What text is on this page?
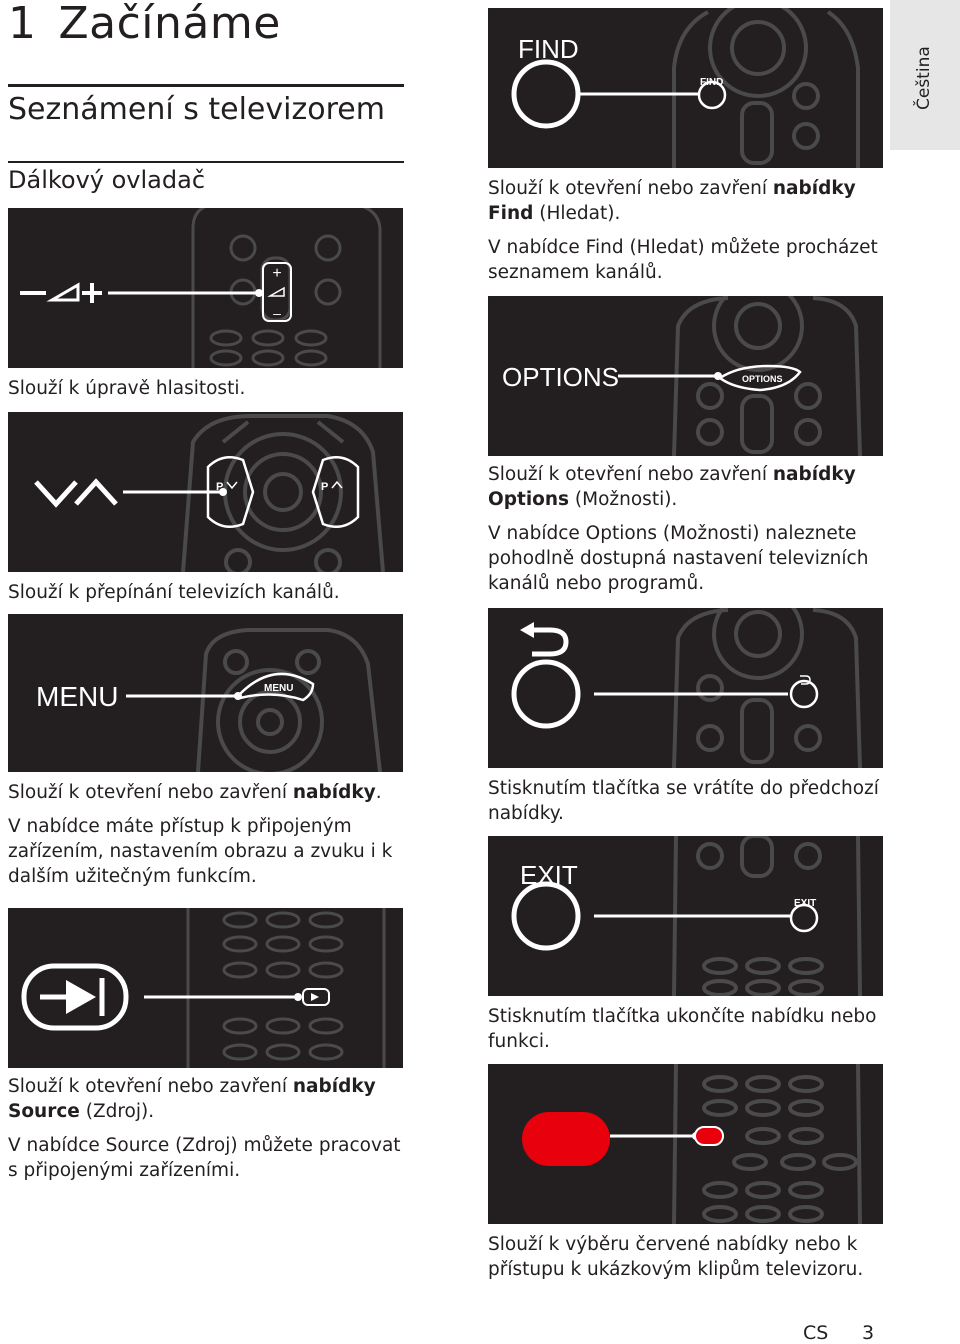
1 Začínáme
Seznámení s televizorem
Dálkový ovladač
Čeština
+
–

Slouží k úpravě hlasitosti.

P	P

Slouží k přepínání televizích kanálů.

MENU	MENU

Slouží k otevření nebo zavření nabídky.

V nabídce máte přístup k připojeným zařízením, nastavením obrazu a zvuku i k dalším užitečným funkcím.

Slouží k otevření nebo zavření nabídky Source (Zdroj).

V nabídce Source (Zdroj) můžete pracovat s připojenými zařízeními.

FIND
FIND

Slouží k otevření nebo zavření nabídky Find (Hledat).

V nabídce Find (Hledat) můžete procházet seznamem kanálů.

OPTIONS	OPTIONS

Slouží k otevření nebo zavření nabídky Options (Možnosti).

V nabídce Options (Možnosti) naleznete pohodlně dostupná nastavení televizních kanálů nebo programů.

Stisknutím tlačítka se vrátíte do předchozí nabídky.

EXIT
EXIT

Stisknutím tlačítka ukončíte nabídku nebo funkci.

Slouží k výběru červené nabídky nebo k přístupu k ukázkovým klipům televizoru.

CS 3
